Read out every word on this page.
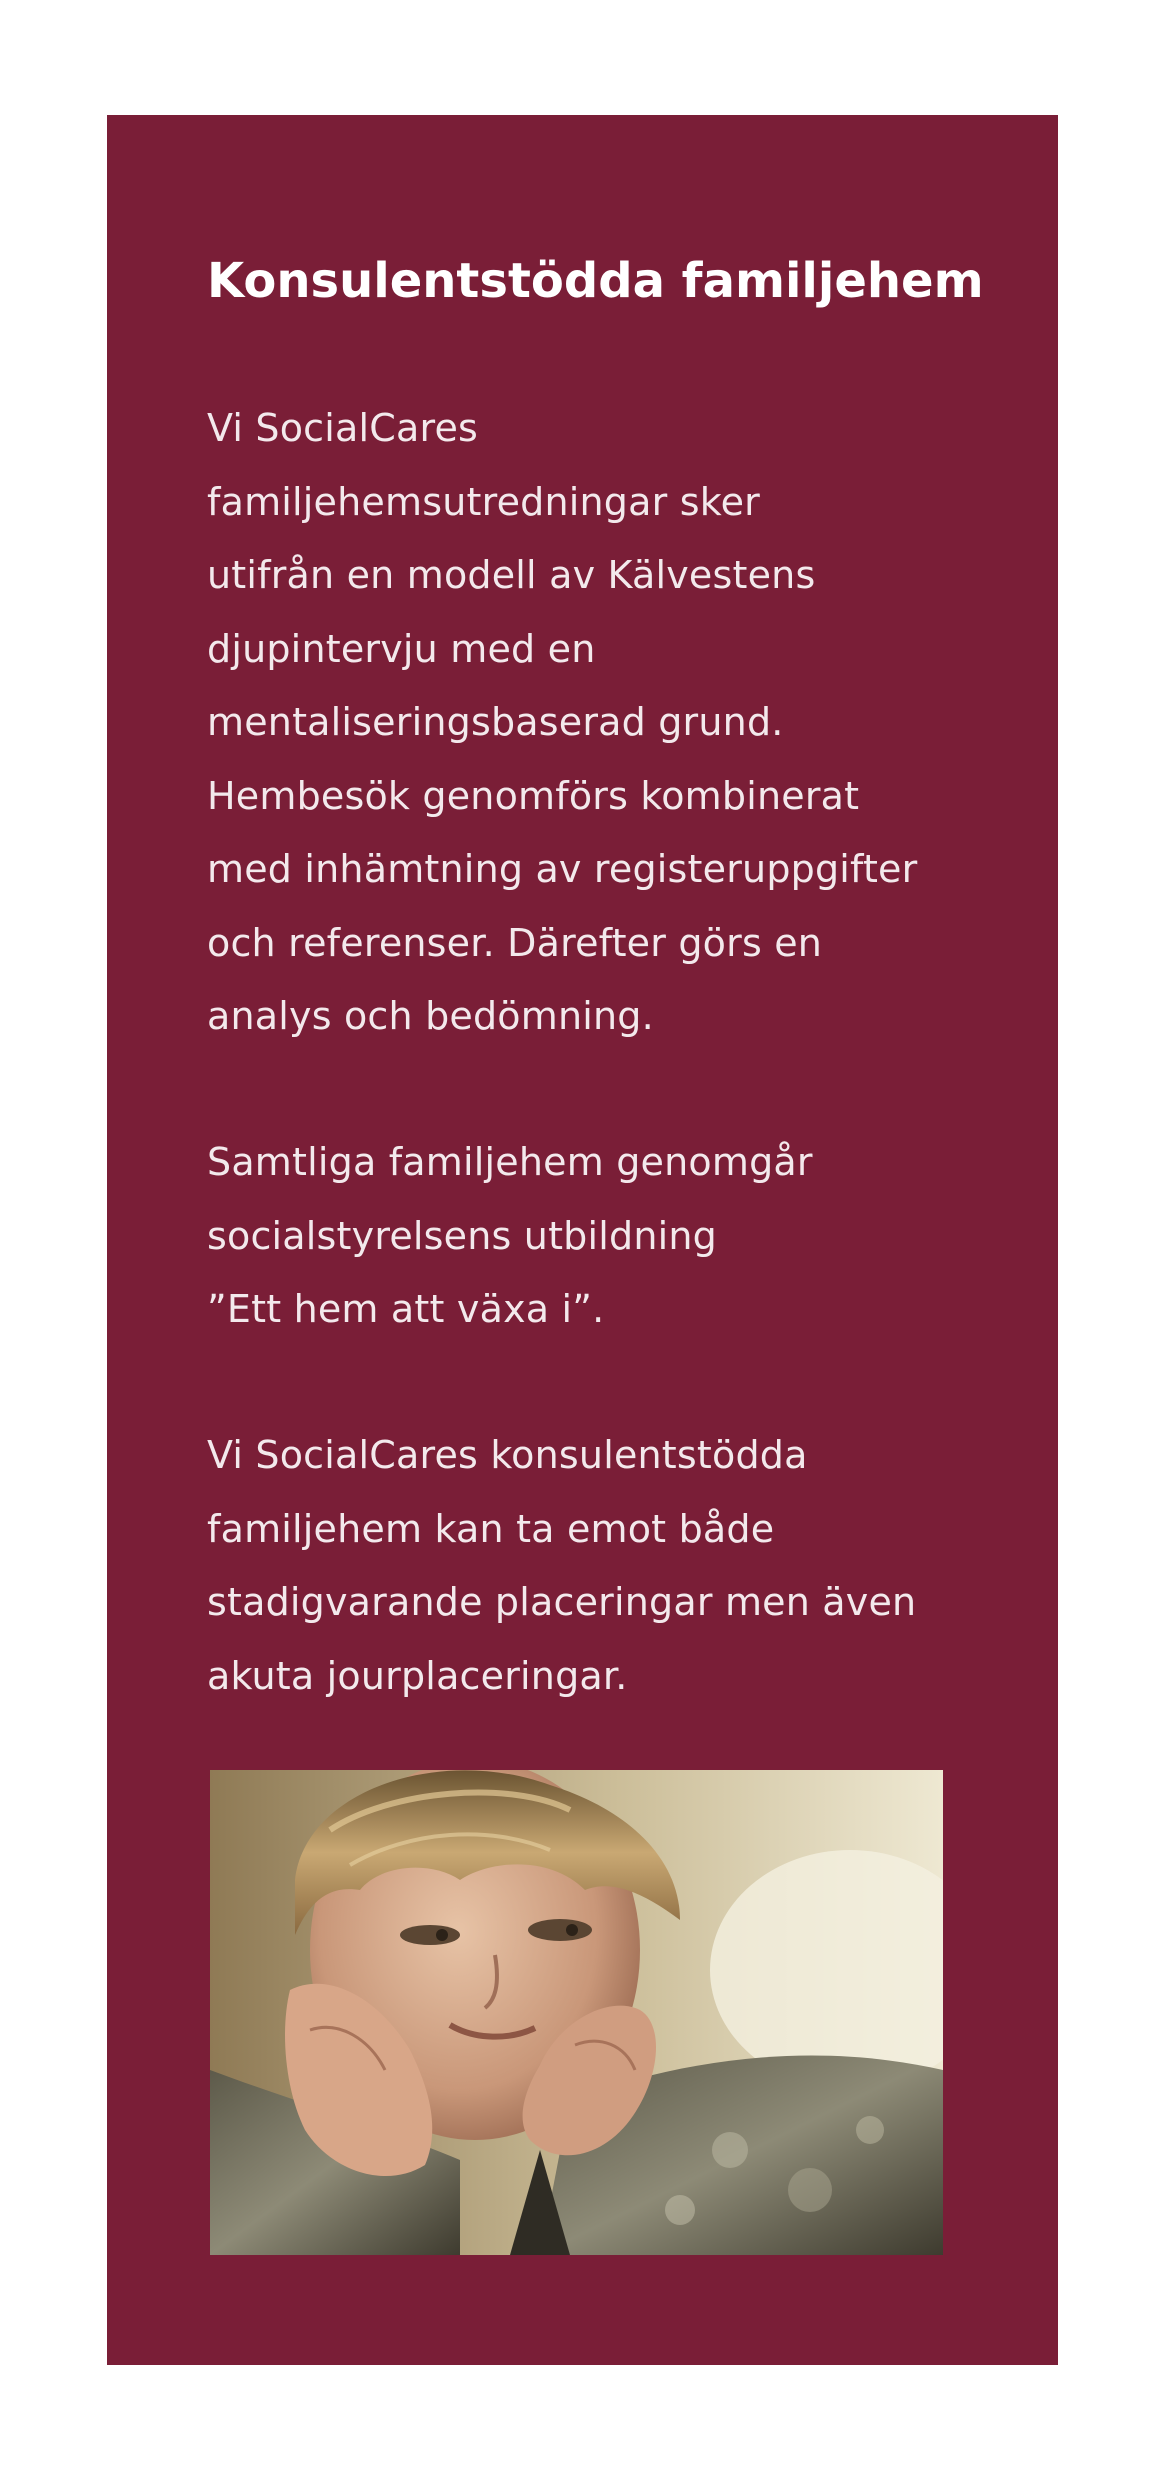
Konsulentstödda familjehem

Vi SocialCares
familjehemsutredningar sker
utifrån en modell av Kälvestens
djupintervju med en
mentaliseringsbaserad grund.
Hembesök genomförs kombinerat
med inhämtning av registeruppgifter
och referenser. Därefter görs en
analys och bedömning.

Samtliga familjehem genomgår
socialstyrelsens utbildning
”Ett hem att växa i”.

Vi SocialCares konsulentstödda
familjehem kan ta emot både
stadigvarande placeringar men även
akuta jourplaceringar.
